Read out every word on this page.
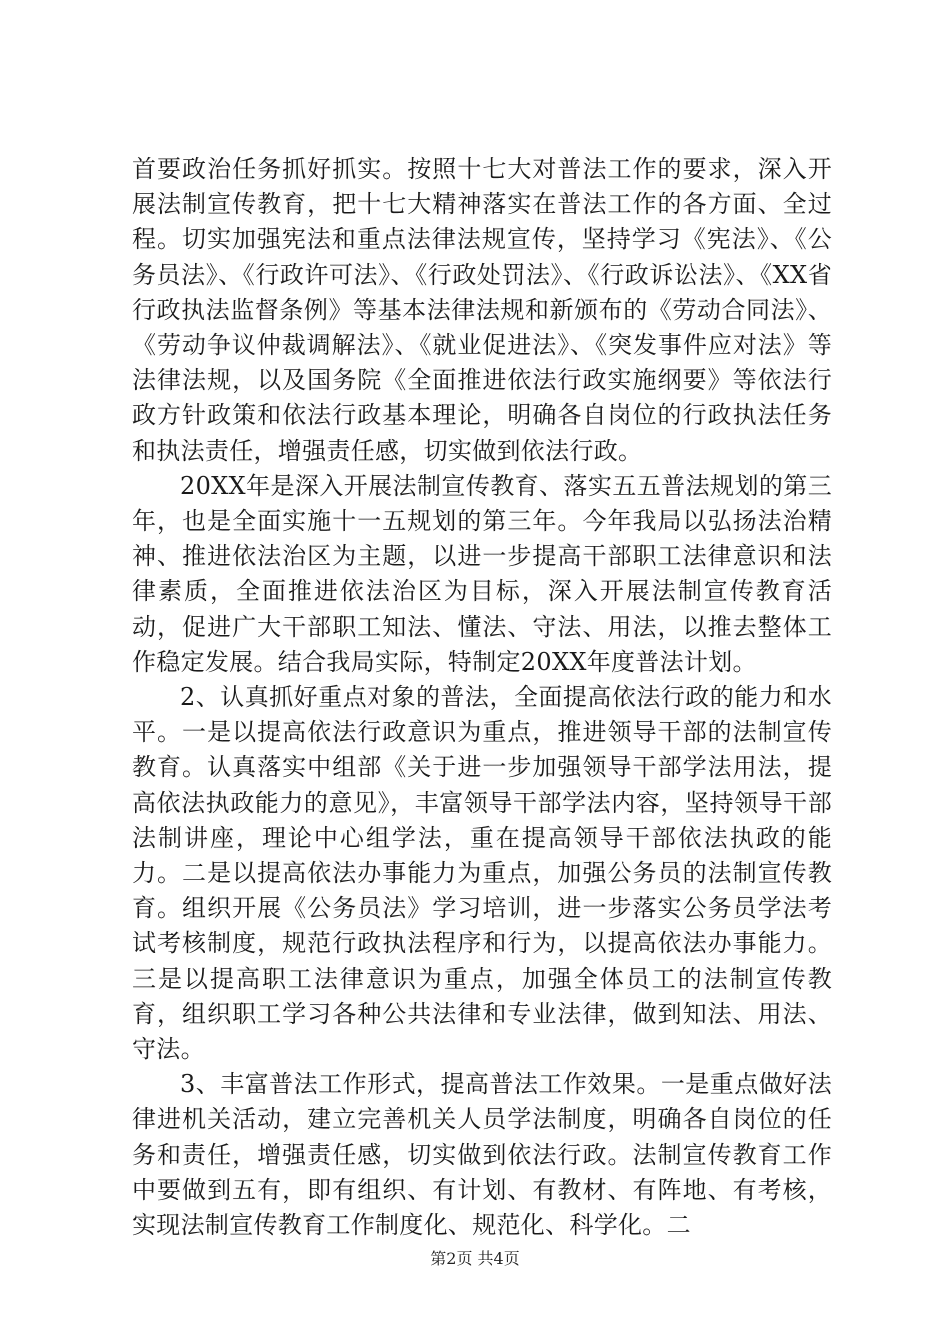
首要政治任务抓好抓实。按照十七大对普法工作的要求，深入开展法制宣传教育，把十七大精神落实在普法工作的各方面、全过程。切实加强宪法和重点法律法规宣传，坚持学习《宪法》、《公务员法》、《行政许可法》、《行政处罚法》、《行政诉讼法》、《XX省行政执法监督条例》等基本法律法规和新颁布的《劳动合同法》、《劳动争议仲裁调解法》、《就业促进法》、《突发事件应对法》等法律法规，以及国务院《全面推进依法行政实施纲要》等依法行政方针政策和依法行政基本理论，明确各自岗位的行政执法任务和执法责任，增强责任感，切实做到依法行政。

20XX年是深入开展法制宣传教育、落实五五普法规划的第三年，也是全面实施十一五规划的第三年。今年我局以弘扬法治精神、推进依法治区为主题，以进一步提高干部职工法律意识和法律素质，全面推进依法治区为目标，深入开展法制宣传教育活动，促进广大干部职工知法、懂法、守法、用法，以推去整体工作稳定发展。结合我局实际，特制定20XX年度普法计划。

2、认真抓好重点对象的普法，全面提高依法行政的能力和水平。一是以提高依法行政意识为重点，推进领导干部的法制宣传教育。认真落实中组部《关于进一步加强领导干部学法用法，提高依法执政能力的意见》，丰富领导干部学法内容，坚持领导干部法制讲座，理论中心组学法，重在提高领导干部依法执政的能力。二是以提高依法办事能力为重点，加强公务员的法制宣传教育。组织开展《公务员法》学习培训，进一步落实公务员学法考试考核制度，规范行政执法程序和行为，以提高依法办事能力。三是以提高职工法律意识为重点，加强全体员工的法制宣传教育，组织职工学习各种公共法律和专业法律，做到知法、用法、守法。

3、丰富普法工作形式，提高普法工作效果。一是重点做好法律进机关活动，建立完善机关人员学法制度，明确各自岗位的任务和责任，增强责任感，切实做到依法行政。法制宣传教育工作中要做到五有，即有组织、有计划、有教材、有阵地、有考核，实现法制宣传教育工作制度化、规范化、科学化。二

第2页 共4页
